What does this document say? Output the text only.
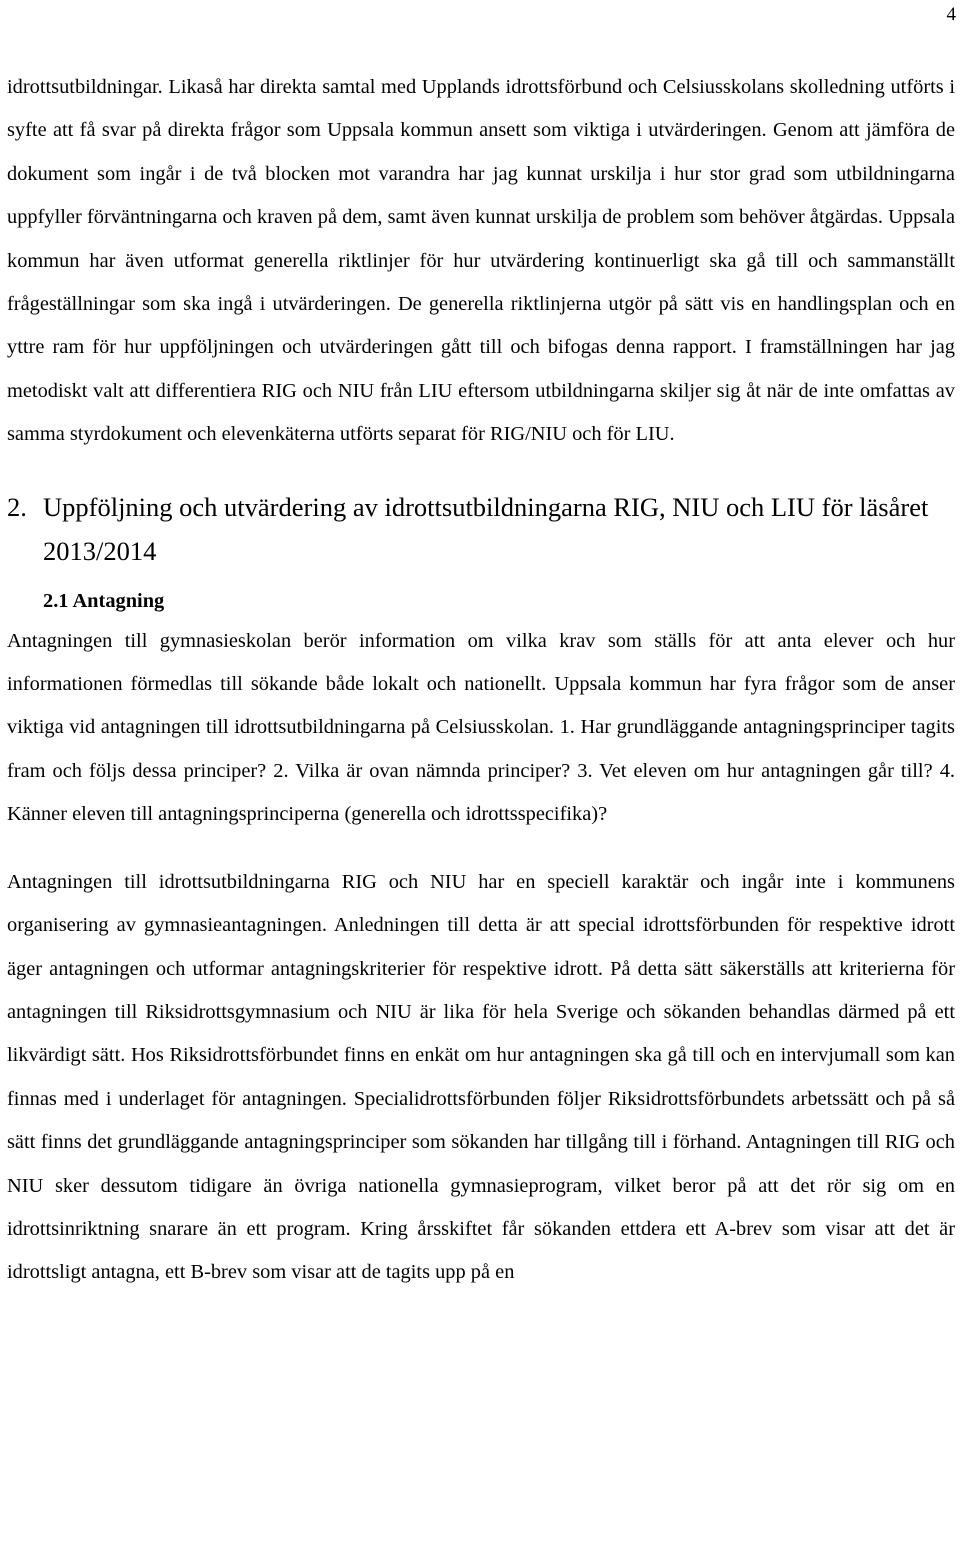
4

idrottsutbildningar. Likaså har direkta samtal med Upplands idrottsförbund och Celsiusskolans skolledning utförts i syfte att få svar på direkta frågor som Uppsala kommun ansett som viktiga i utvärderingen. Genom att jämföra de dokument som ingår i de två blocken mot varandra har jag kunnat urskilja i hur stor grad som utbildningarna uppfyller förväntningarna och kraven på dem, samt även kunnat urskilja de problem som behöver åtgärdas. Uppsala kommun har även utformat generella riktlinjer för hur utvärdering kontinuerligt ska gå till och sammanställt frågeställningar som ska ingå i utvärderingen. De generella riktlinjerna utgör på sätt vis en handlingsplan och en yttre ram för hur uppföljningen och utvärderingen gått till och bifogas denna rapport. I framställningen har jag metodiskt valt att differentiera RIG och NIU från LIU eftersom utbildningarna skiljer sig åt när de inte omfattas av samma styrdokument och elevenkäterna utförts separat för RIG/NIU och för LIU.

2. Uppföljning och utvärdering av idrottsutbildningarna RIG, NIU och LIU för läsåret 2013/2014
2.1 Antagning

Antagningen till gymnasieskolan berör information om vilka krav som ställs för att anta elever och hur informationen förmedlas till sökande både lokalt och nationellt. Uppsala kommun har fyra frågor som de anser viktiga vid antagningen till idrottsutbildningarna på Celsiusskolan. 1. Har grundläggande antagningsprinciper tagits fram och följs dessa principer? 2. Vilka är ovan nämnda principer? 3. Vet eleven om hur antagningen går till? 4. Känner eleven till antagningsprinciperna (generella och idrottsspecifika)?

Antagningen till idrottsutbildningarna RIG och NIU har en speciell karaktär och ingår inte i kommunens organisering av gymnasieantagningen. Anledningen till detta är att special idrottsförbunden för respektive idrott äger antagningen och utformar antagningskriterier för respektive idrott. På detta sätt säkerställs att kriterierna för antagningen till Riksidrottsgymnasium och NIU är lika för hela Sverige och sökanden behandlas därmed på ett likvärdigt sätt. Hos Riksidrottsförbundet finns en enkät om hur antagningen ska gå till och en intervjumall som kan finnas med i underlaget för antagningen. Specialidrottsförbunden följer Riksidrottsförbundets arbetssätt och på så sätt finns det grundläggande antagningsprinciper som sökanden har tillgång till i förhand. Antagningen till RIG och NIU sker dessutom tidigare än övriga nationella gymnasieprogram, vilket beror på att det rör sig om en idrottsinriktning snarare än ett program. Kring årsskiftet får sökanden ettdera ett A-brev som visar att det är idrottsligt antagna, ett B-brev som visar att de tagits upp på en
